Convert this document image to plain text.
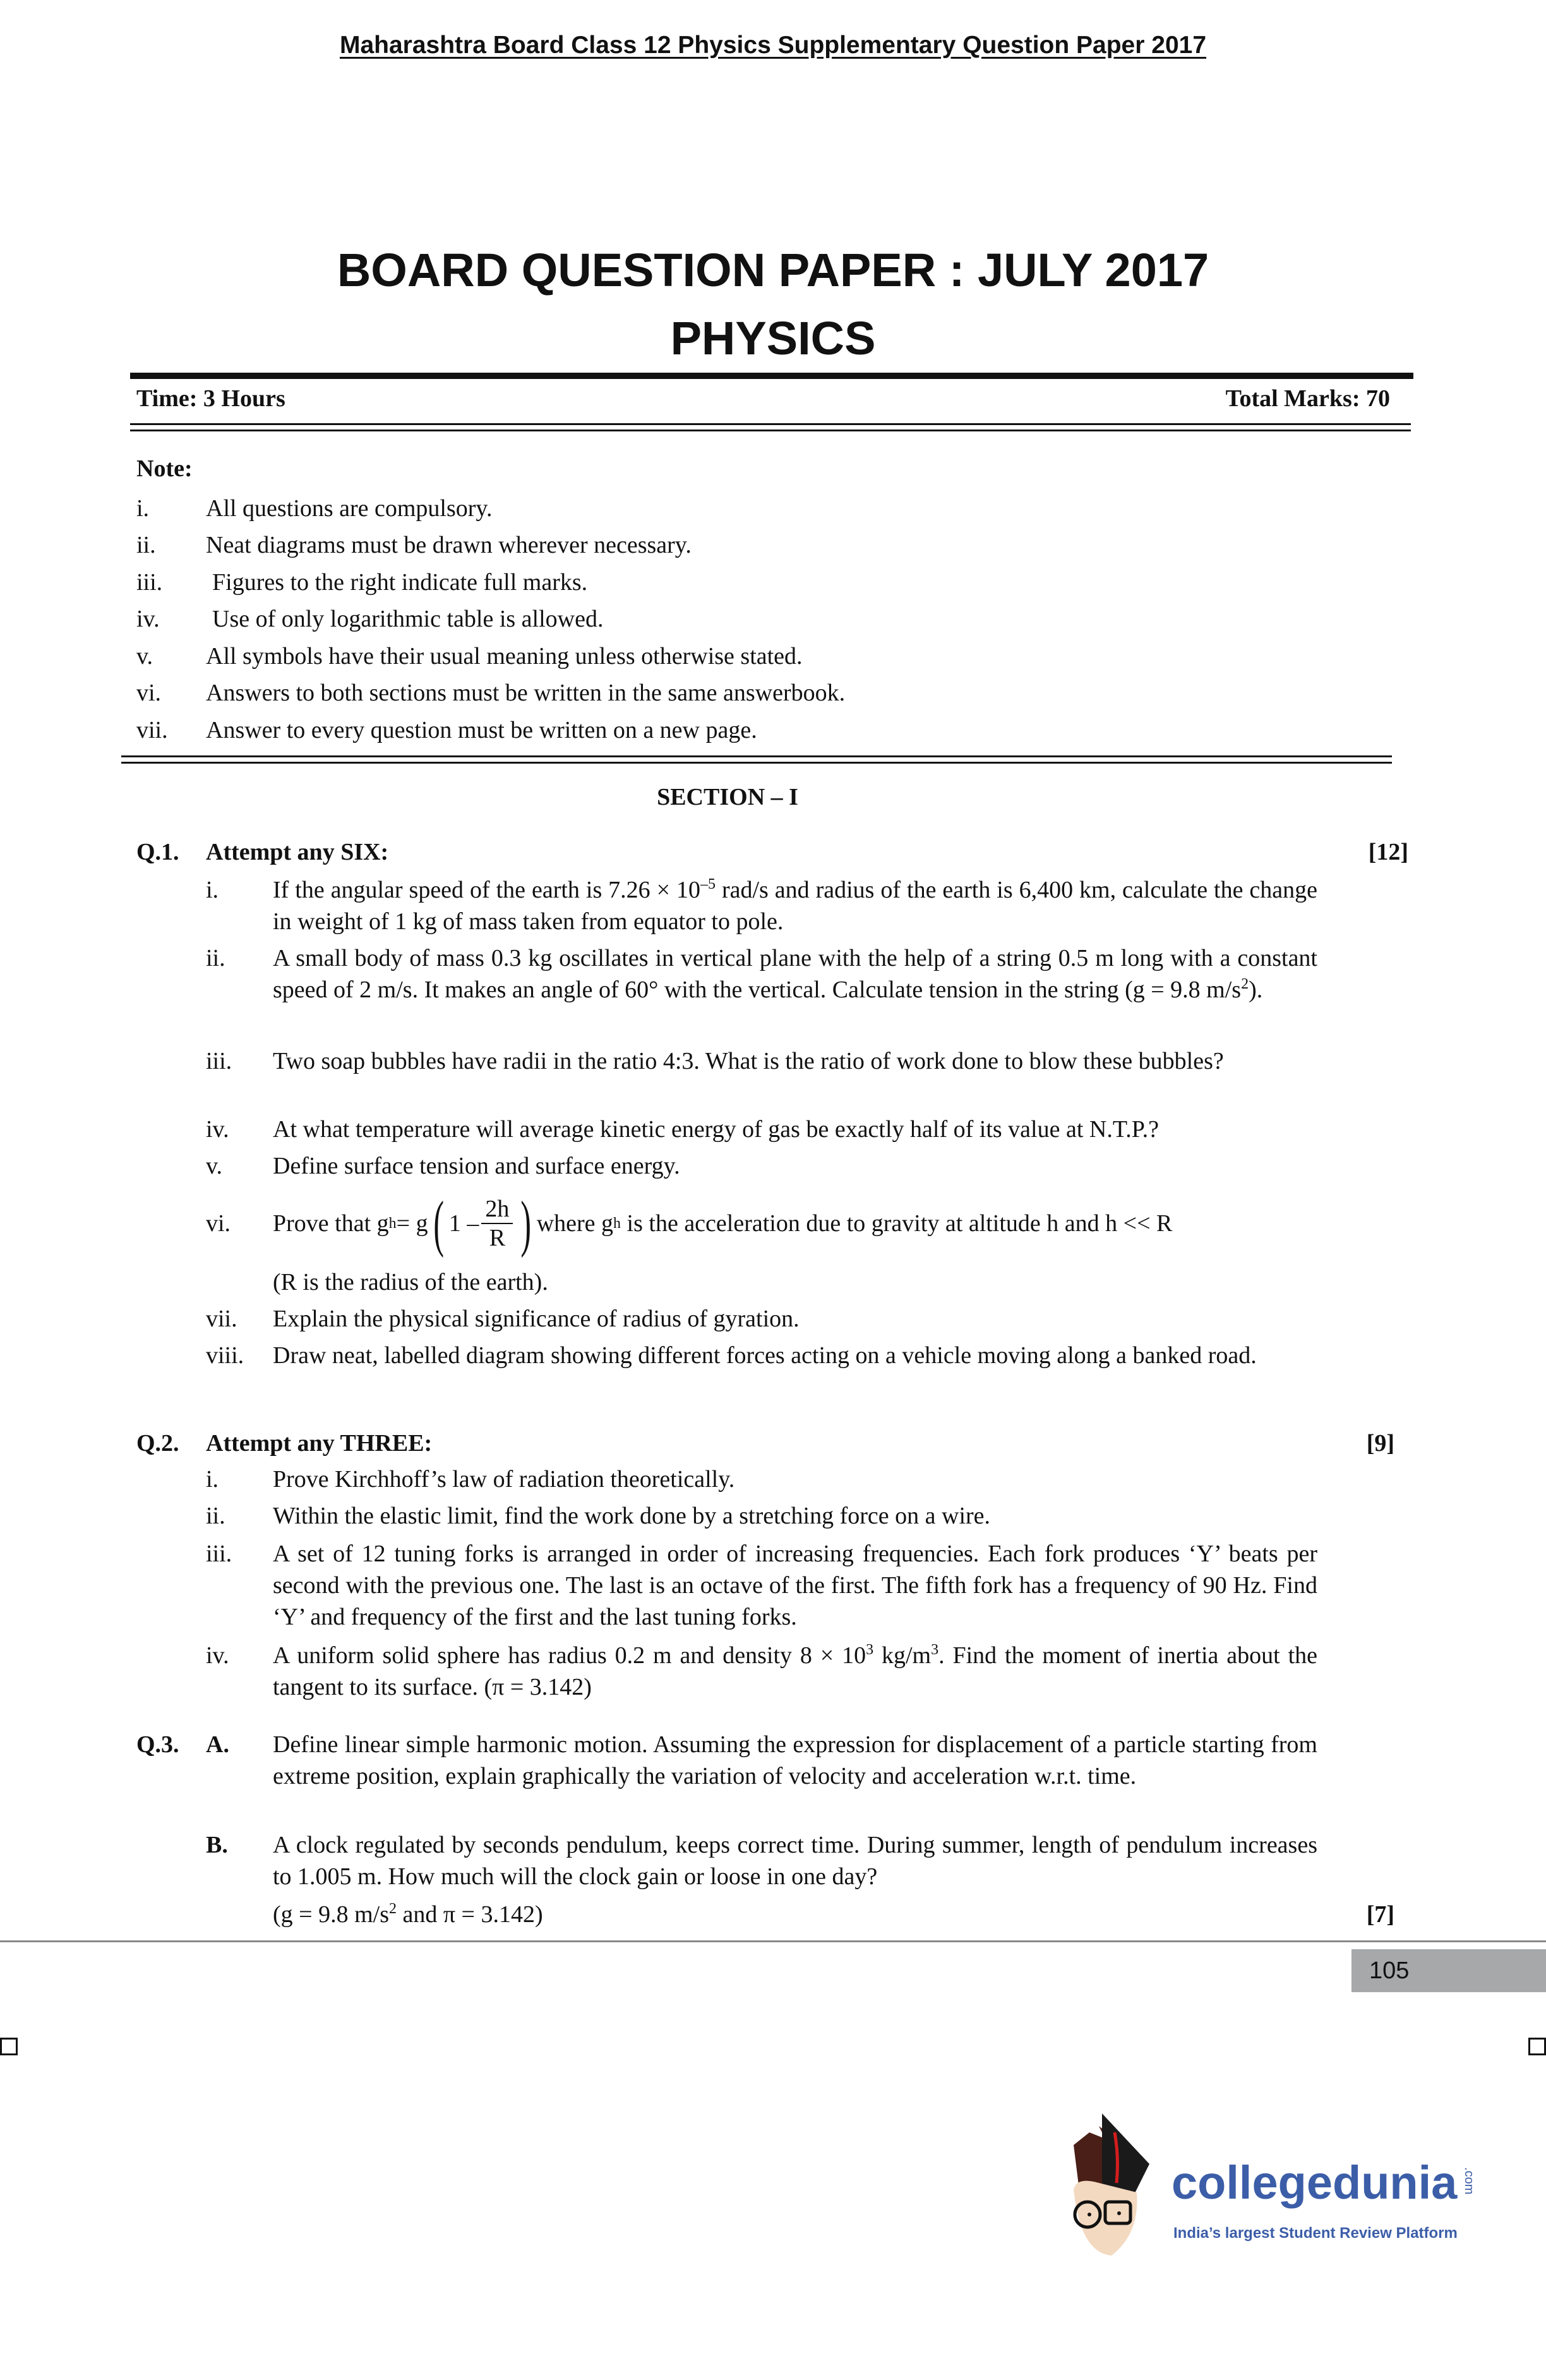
Maharashtra Board Class 12 Physics Supplementary Question Paper 2017
BOARD QUESTION PAPER : JULY 2017
PHYSICS
Time: 3 Hours	Total Marks: 70
Note:
i. All questions are compulsory.
ii. Neat diagrams must be drawn wherever necessary.
iii. Figures to the right indicate full marks.
iv. Use of only logarithmic table is allowed.
v. All symbols have their usual meaning unless otherwise stated.
vi. Answers to both sections must be written in the same answerbook.
vii. Answer to every question must be written on a new page.
SECTION – I
Q.1. Attempt any SIX:	[12]
i. If the angular speed of the earth is $7.26 \times 10^{-5}$ rad/s and radius of the earth is 6,400 km, calculate the change in weight of 1 kg of mass taken from equator to pole.
ii. A small body of mass 0.3 kg oscillates in vertical plane with the help of a string 0.5 m long with a constant speed of 2 m/s. It makes an angle of 60° with the vertical. Calculate tension in the string (g = 9.8 $m/s^2$).
iii. Two soap bubbles have radii in the ratio 4:3. What is the ratio of work done to blow these bubbles?
iv. At what temperature will average kinetic energy of gas be exactly half of its value at N.T.P.?
v. Define surface tension and surface energy.
vi. Prove that g h = g ( $1 - \frac{2h}{R}$ ) where g h is the acceleration due to gravity at altitude h and h << R
(R is the radius of the earth).
vii. Explain the physical significance of radius of gyration.
viii. Draw neat, labelled diagram showing different forces acting on a vehicle moving along a banked road.
Q.2. Attempt any THREE:	[9]
i. Prove Kirchhoff’s law of radiation theoretically.
ii. Within the elastic limit, find the work done by a stretching force on a wire.
iii. A set of 12 tuning forks is arranged in order of increasing frequencies. Each fork produces ‘Y’ beats per second with the previous one. The last is an octave of the first. The fifth fork has a frequency of 90 Hz. Find ‘Y’ and frequency of the first and the last tuning forks.
iv. A uniform solid sphere has radius 0.2 m and density $8 \times 10^3$ $kg/m^3$. Find the moment of inertia about the tangent to its surface. (π = 3.142)
Q.3. A. Define linear simple harmonic motion. Assuming the expression for displacement of a particle starting from extreme position, explain graphically the variation of velocity and acceleration w.r.t. time.
B. A clock regulated by seconds pendulum, keeps correct time. During summer, length of pendulum increases to 1.005 m. How much will the clock gain or loose in one day?
(g = 9.8 $m/s^2$ and π = 3.142)	[7]
105
collegedunia .com
India’s largest Student Review Platform
